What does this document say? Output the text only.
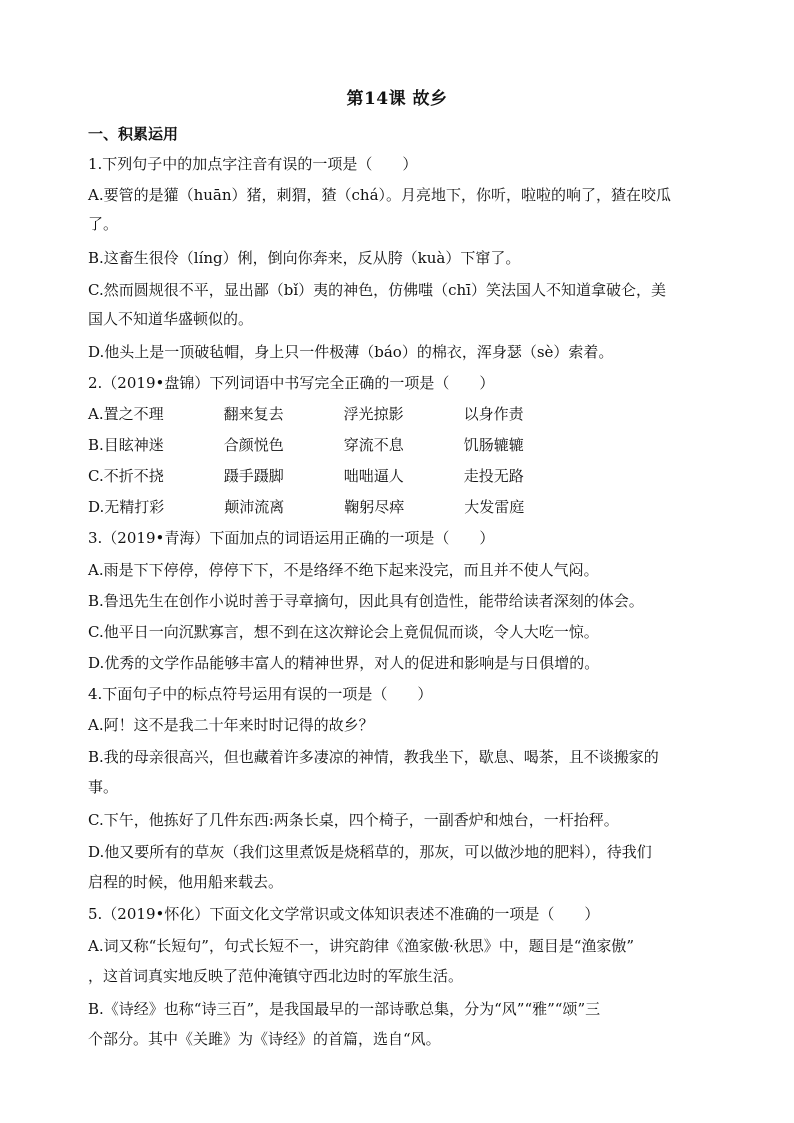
第14课 故乡
一、积累运用
1.下列句子中的加点字注音有误的一项是（　　）
A.要管的是獾（huān）猪，刺猬，猹（chá）。月亮地下，你听，啦啦的响了，猹在咬瓜
了。
B.这畜生很伶（líng）俐，倒向你奔来，反从胯（kuà）下窜了。
C.然而圆规很不平，显出鄙（bǐ）夷的神色，仿佛嗤（chī）笑法国人不知道拿破仑，美
国人不知道华盛顿似的。
D.他头上是一顶破毡帽，身上只一件极薄（báo）的棉衣，浑身瑟（sè）索着。
2.（2019•盘锦）下列词语中书写完全正确的一项是（　　）
A.置之不理	翻来复去	浮光掠影	以身作责
B.目眩神迷	合颜悦色	穿流不息	饥肠辘辘
C.不折不挠	蹑手蹑脚	咄咄逼人	走投无路
D.无精打彩	颠沛流离	鞠躬尽瘁	大发雷庭
3.（2019•青海）下面加点的词语运用正确的一项是（　　）
A.雨是下下停停，停停下下，不是络绎不绝下起来没完，而且并不使人气闷。
B.鲁迅先生在创作小说时善于寻章摘句，因此具有创造性，能带给读者深刻的体会。
C.他平日一向沉默寡言，想不到在这次辩论会上竟侃侃而谈，令人大吃一惊。
D.优秀的文学作品能够丰富人的精神世界，对人的促进和影响是与日俱增的。
4.下面句子中的标点符号运用有误的一项是（　　）
A.阿！这不是我二十年来时时记得的故乡？
B.我的母亲很高兴，但也藏着许多凄凉的神情，教我坐下，歇息、喝茶，且不谈搬家的
事。
C.下午，他拣好了几件东西:两条长桌，四个椅子，一副香炉和烛台，一杆抬秤。
D.他又要所有的草灰（我们这里煮饭是烧稻草的，那灰，可以做沙地的肥料），待我们
启程的时候，他用船来载去。
5.（2019•怀化）下面文化文学常识或文体知识表述不准确的一项是（　　）
A.词又称“长短句”，句式长短不一，讲究韵律《渔家傲·秋思》中，题目是“渔家傲”
，这首词真实地反映了范仲淹镇守西北边时的军旅生活。
B.《诗经》也称“诗三百”，是我国最早的一部诗歌总集，分为“风”“雅”“颂”三
个部分。其中《关雎》为《诗经》的首篇，选自“风。
